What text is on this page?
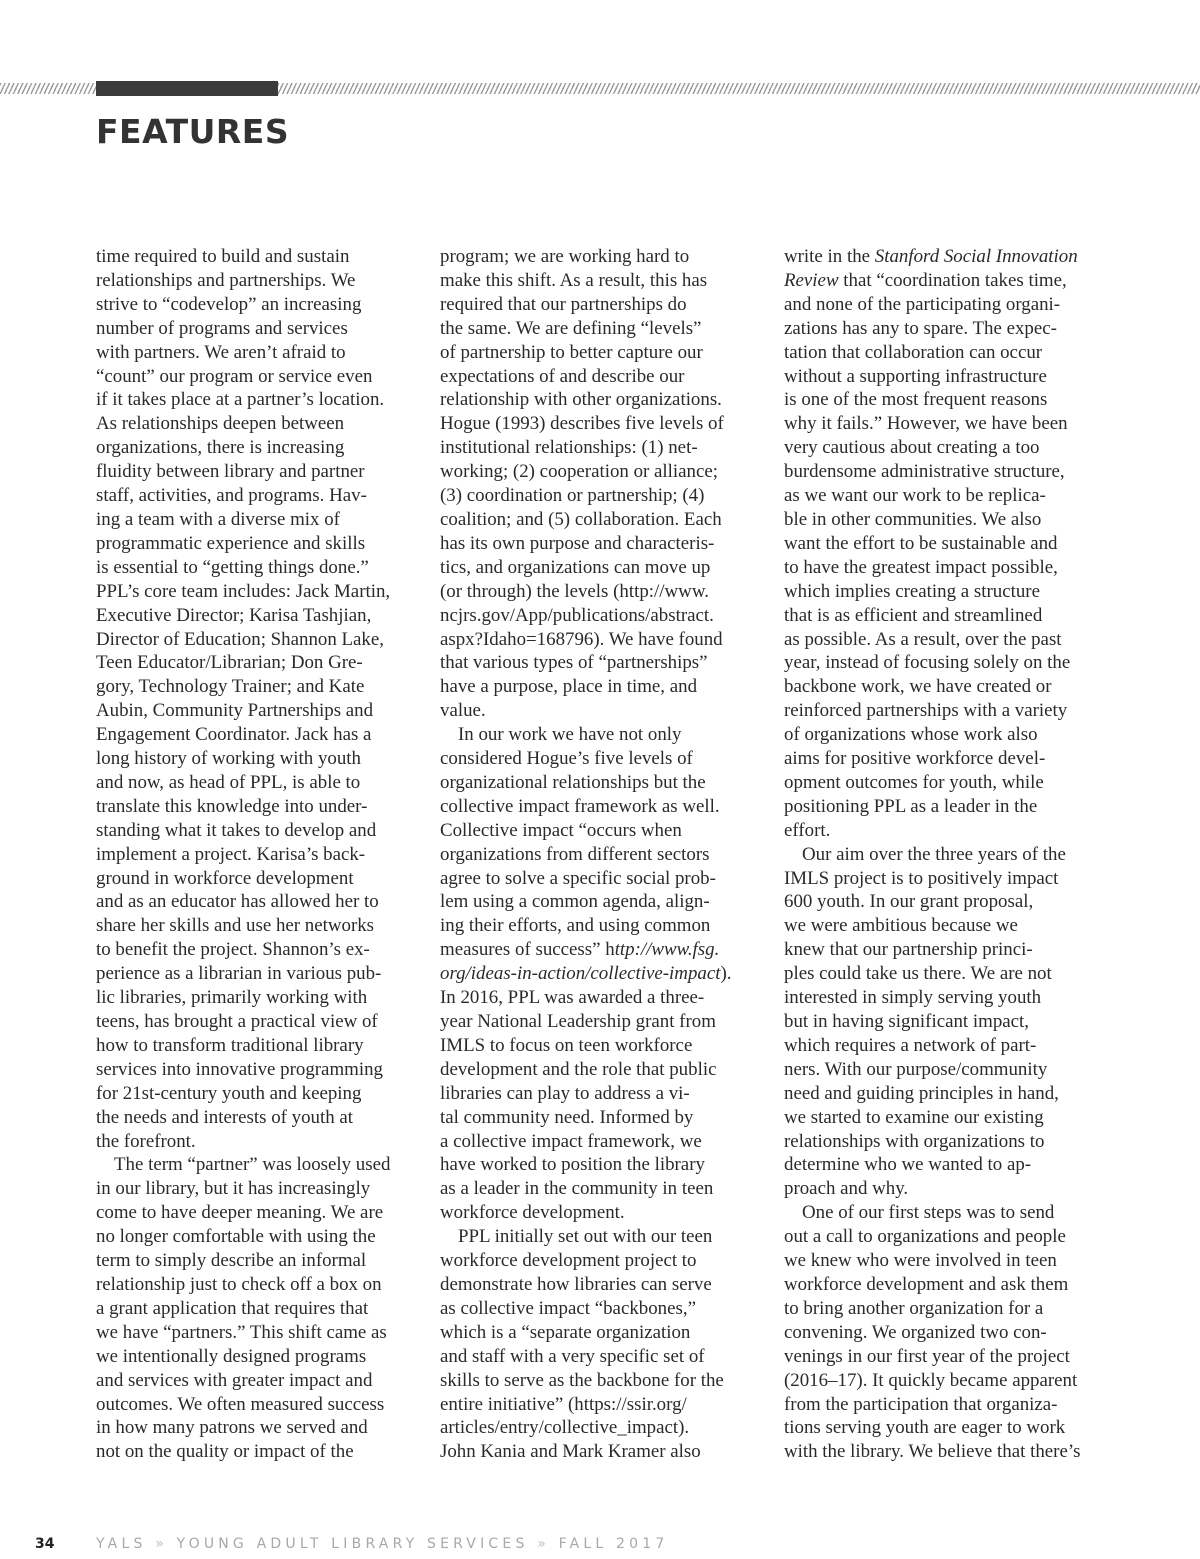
FEATURES

time required to build and sustain
relationships and partnerships. We
strive to “codevelop” an increasing
number of programs and services
with partners. We aren’t afraid to
“count” our program or service even
if it takes place at a partner’s location.
As relationships deepen between
organizations, there is increasing
fluidity between library and partner
staff, activities, and programs. Hav-
ing a team with a diverse mix of
programmatic experience and skills
is essential to “getting things done.”
PPL’s core team includes: Jack Martin,
Executive Director; Karisa Tashjian,
Director of Education; Shannon Lake,
Teen Educator/Librarian; Don Gre-
gory, Technology Trainer; and Kate
Aubin, Community Partnerships and
Engagement Coordinator. Jack has a
long history of working with youth
and now, as head of PPL, is able to
translate this knowledge into under-
standing what it takes to develop and
implement a project. Karisa’s back-
ground in workforce development
and as an educator has allowed her to
share her skills and use her networks
to benefit the project. Shannon’s ex-
perience as a librarian in various pub-
lic libraries, primarily working with
teens, has brought a practical view of
how to transform traditional library
services into innovative programming
for 21st-century youth and keeping
the needs and interests of youth at
the forefront.

The term “partner” was loosely used
in our library, but it has increasingly
come to have deeper meaning. We are
no longer comfortable with using the
term to simply describe an informal
relationship just to check off a box on
a grant application that requires that
we have “partners.” This shift came as
we intentionally designed programs
and services with greater impact and
outcomes. We often measured success
in how many patrons we served and
not on the quality or impact of the

program; we are working hard to
make this shift. As a result, this has
required that our partnerships do
the same. We are defining “levels”
of partnership to better capture our
expectations of and describe our
relationship with other organizations.
Hogue (1993) describes five levels of
institutional relationships: (1) net-
working; (2) cooperation or alliance;
(3) coordination or partnership; (4)
coalition; and (5) collaboration. Each
has its own purpose and characteris-
tics, and organizations can move up
(or through) the levels (http://www.
ncjrs.gov/App/publications/abstract.
aspx?Idaho=168796). We have found
that various types of “partnerships”
have a purpose, place in time, and
value.

In our work we have not only
considered Hogue’s five levels of
organizational relationships but the
collective impact framework as well.
Collective impact “occurs when
organizations from different sectors
agree to solve a specific social prob-
lem using a common agenda, align-
ing their efforts, and using common
measures of success” http://www.fsg.
org/ideas-in-action/collective-impact).
In 2016, PPL was awarded a three-
year National Leadership grant from
IMLS to focus on teen workforce
development and the role that public
libraries can play to address a vi-
tal community need. Informed by
a collective impact framework, we
have worked to position the library
as a leader in the community in teen
workforce development.

PPL initially set out with our teen
workforce development project to
demonstrate how libraries can serve
as collective impact “backbones,”
which is a “separate organization
and staff with a very specific set of
skills to serve as the backbone for the
entire initiative” (https://ssir.org/
articles/entry/collective_impact).
John Kania and Mark Kramer also

write in the Stanford Social Innovation
Review that “coordination takes time,
and none of the participating organi-
zations has any to spare. The expec-
tation that collaboration can occur
without a supporting infrastructure
is one of the most frequent reasons
why it fails.” However, we have been
very cautious about creating a too
burdensome administrative structure,
as we want our work to be replica-
ble in other communities. We also
want the effort to be sustainable and
to have the greatest impact possible,
which implies creating a structure
that is as efficient and streamlined
as possible. As a result, over the past
year, instead of focusing solely on the
backbone work, we have created or
reinforced partnerships with a variety
of organizations whose work also
aims for positive workforce devel-
opment outcomes for youth, while
positioning PPL as a leader in the
effort.

Our aim over the three years of the
IMLS project is to positively impact
600 youth. In our grant proposal,
we were ambitious because we
knew that our partnership princi-
ples could take us there. We are not
interested in simply serving youth
but in having significant impact,
which requires a network of part-
ners. With our purpose/community
need and guiding principles in hand,
we started to examine our existing
relationships with organizations to
determine who we wanted to ap-
proach and why.

One of our first steps was to send
out a call to organizations and people
we knew who were involved in teen
workforce development and ask them
to bring another organization for a
convening. We organized two con-
venings in our first year of the project
(2016–17). It quickly became apparent
from the participation that organiza-
tions serving youth are eager to work
with the library. We believe that there’s

34	YALS » YOUNG ADULT LIBRARY SERVICES » FALL 2017
